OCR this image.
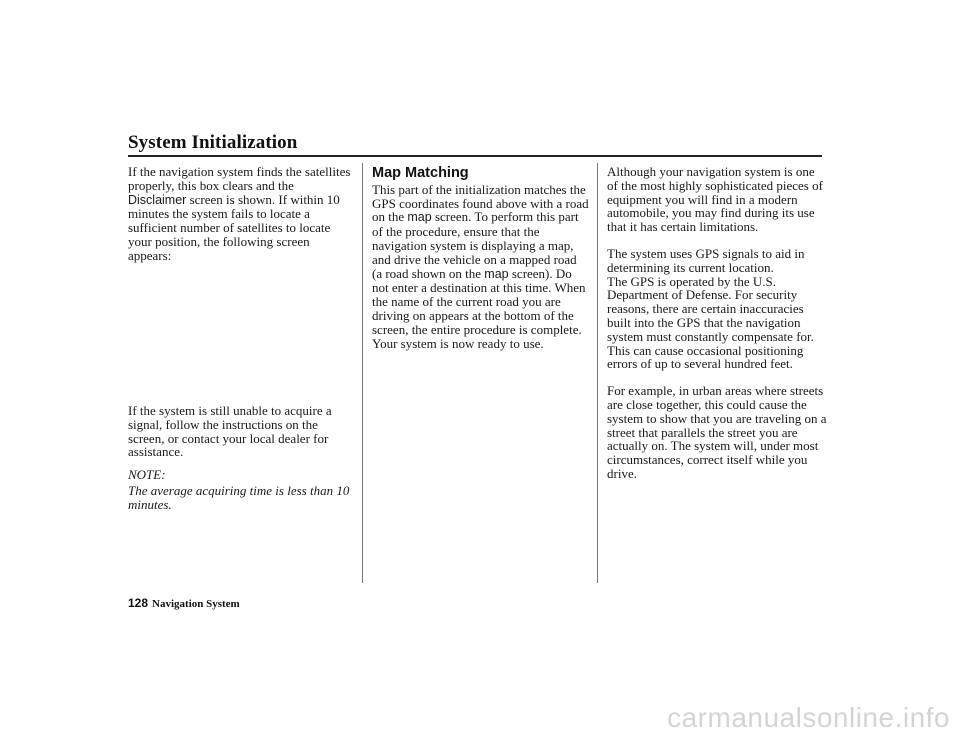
System Initialization

If the navigation system finds the satellites properly, this box clears and the Disclaimer screen is shown. If within 10 minutes the system fails to locate a sufficient number of satellites to locate your position, the following screen appears:

If the system is still unable to acquire a signal, follow the instructions on the screen, or contact your local dealer for assistance.

NOTE:

The average acquiring time is less than 10 minutes.

Map Matching

This part of the initialization matches the GPS coordinates found above with a road on the map screen. To perform this part of the procedure, ensure that the navigation system is displaying a map, and drive the vehicle on a mapped road (a road shown on the map screen). Do not enter a destination at this time. When the name of the current road you are driving on appears at the bottom of the screen, the entire procedure is complete. Your system is now ready to use.

Although your navigation system is one of the most highly sophisticated pieces of equipment you will find in a modern automobile, you may find during its use that it has certain limitations.

The system uses GPS signals to aid in determining its current location.

The GPS is operated by the U.S. Department of Defense. For security reasons, there are certain inaccuracies built into the GPS that the navigation system must constantly compensate for. This can cause occasional positioning errors of up to several hundred feet.

For example, in urban areas where streets are close together, this could cause the system to show that you are traveling on a street that parallels the street you are actually on. The system will, under most circumstances, correct itself while you drive.

128 Navigation System
carmanualsonline.info
